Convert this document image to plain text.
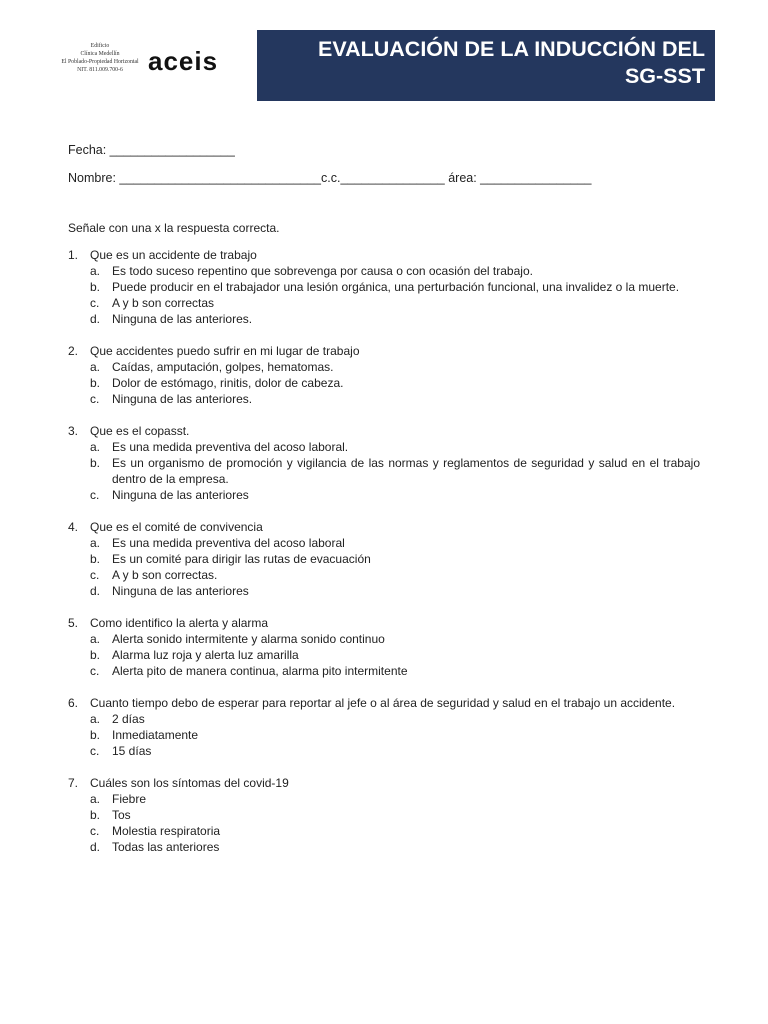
Edificio
Clínica Medellín
El Poblado-Propiedad Horizontal
NIT. 811.009.700-6 aceis	EVALUACIÓN DE LA INDUCCIÓN DEL
SG-SST
Fecha: __________________
Nombre: _____________________________c.c._______________ área: ________________
Señale con una x la respuesta correcta.
1. Que es un accidente de trabajo
a. Es todo suceso repentino que sobrevenga por causa o con ocasión del trabajo.
b. Puede producir en el trabajador una lesión orgánica, una perturbación funcional, una invalidez o la muerte.
c.	A y b son correctas
d. Ninguna de las anteriores.
2. Que accidentes puedo sufrir en mi lugar de trabajo
a. Caídas, amputación, golpes, hematomas.
b. Dolor de estómago, rinitis, dolor de cabeza.
c.	Ninguna de las anteriores.
3. Que es el copasst.
a. Es una medida preventiva del acoso laboral.
b. Es un organismo de promoción y vigilancia de las normas y reglamentos de seguridad y salud en el trabajo dentro de la empresa.
c.	Ninguna de las anteriores
4. Que es el comité de convivencia
a. Es una medida preventiva del acoso laboral
b. Es un comité para dirigir las rutas de evacuación
c.	A y b son correctas.
d. Ninguna de las anteriores
5. Como identifico la alerta y alarma
a. Alerta sonido intermitente y alarma sonido continuo
b. Alarma luz roja y alerta luz amarilla
c.	Alerta pito de manera continua, alarma pito intermitente
6. Cuanto tiempo debo de esperar para reportar al jefe o al área de seguridad y salud en el trabajo un accidente.
a. 2 días
b. Inmediatamente
c.	15 días
7. Cuáles son los síntomas del covid-19
a. Fiebre
b. Tos
c.	Molestia respiratoria
d. Todas las anteriores
